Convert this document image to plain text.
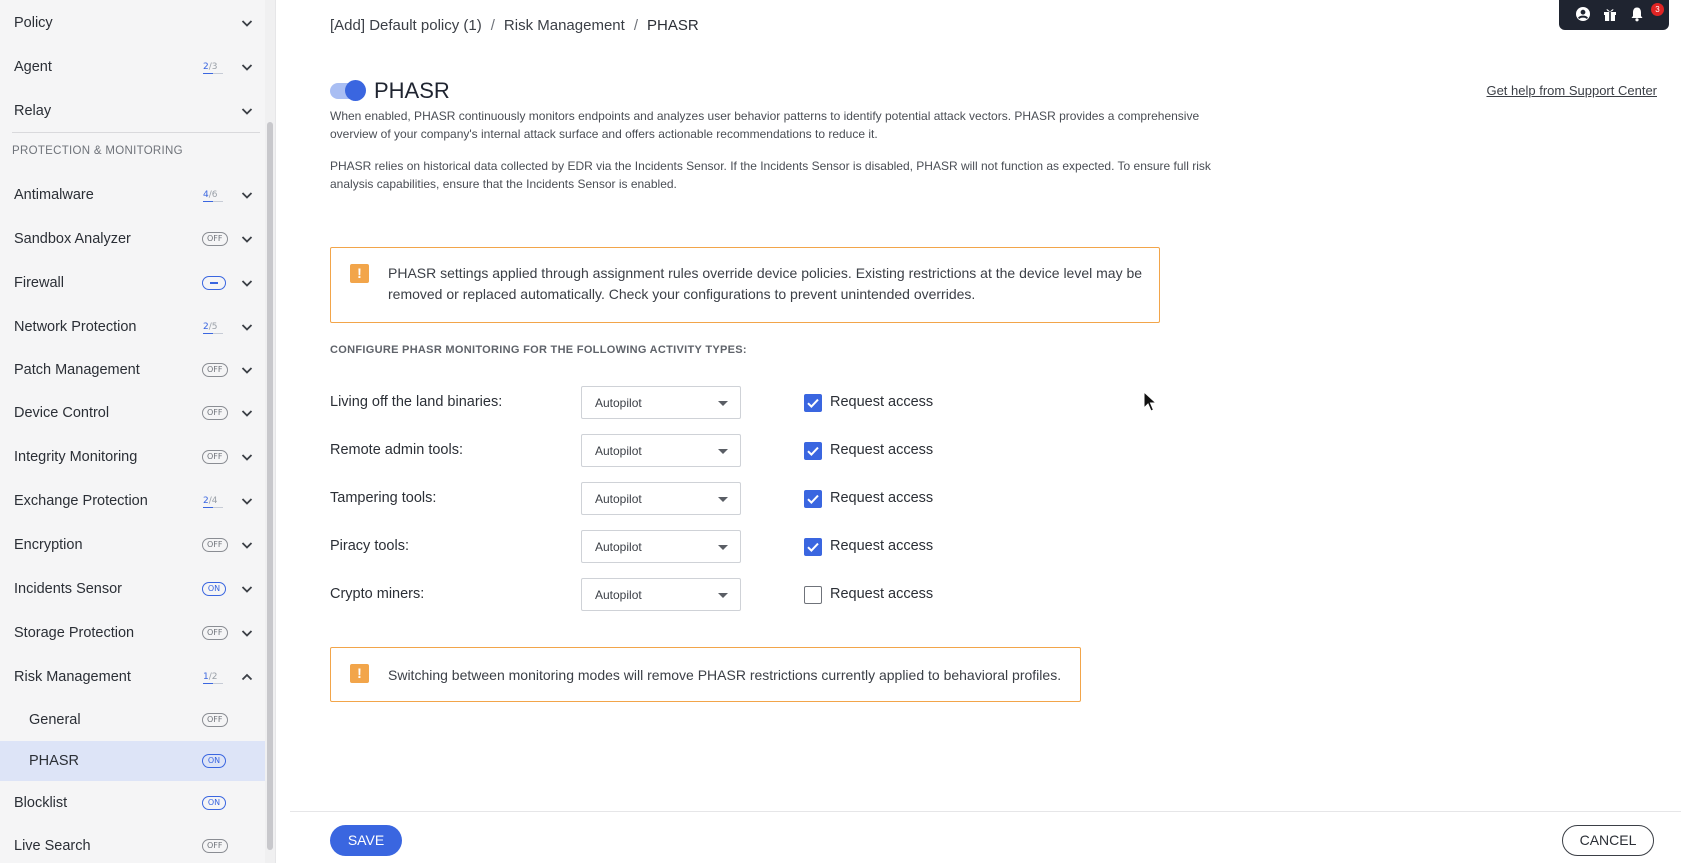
Policy
Agent	2/3
Relay
Antimalware	4/6
Sandbox Analyzer	OFF
Firewall
Network Protection	2/5
Patch Management	OFF
Device Control	OFF
Integrity Monitoring	OFF
Exchange Protection	2/4
Encryption	OFF
Incidents Sensor	ON
Storage Protection	OFF
Risk Management	1/2
General	OFF
PHASR	ON
Blocklist	ON
Live Search	OFF
PROTECTION & MONITORING
3
[Add] Default policy (1) / Risk Management / PHASR
PHASR	Get help from Support Center
When enabled, PHASR continuously monitors endpoints and analyzes user behavior patterns to identify potential attack vectors. PHASR provides a comprehensive overview of your company's internal attack surface and offers actionable recommendations to reduce it.
PHASR relies on historical data collected by EDR via the Incidents Sensor. If the Incidents Sensor is disabled, PHASR will not function as expected. To ensure full risk analysis capabilities, ensure that the Incidents Sensor is enabled.
!	PHASR settings applied through assignment rules override device policies. Existing restrictions at the device level may be removed or replaced automatically. Check your configurations to prevent unintended overrides.
CONFIGURE PHASR MONITORING FOR THE FOLLOWING ACTIVITY TYPES:
Living off the land binaries:	Autopilot	Request access
Remote admin tools:	Autopilot	Request access
Tampering tools:	Autopilot	Request access
Piracy tools:	Autopilot	Request access
Crypto miners:	Autopilot	Request access
!	Switching between monitoring modes will remove PHASR restrictions currently applied to behavioral profiles.
SAVE	CANCEL
